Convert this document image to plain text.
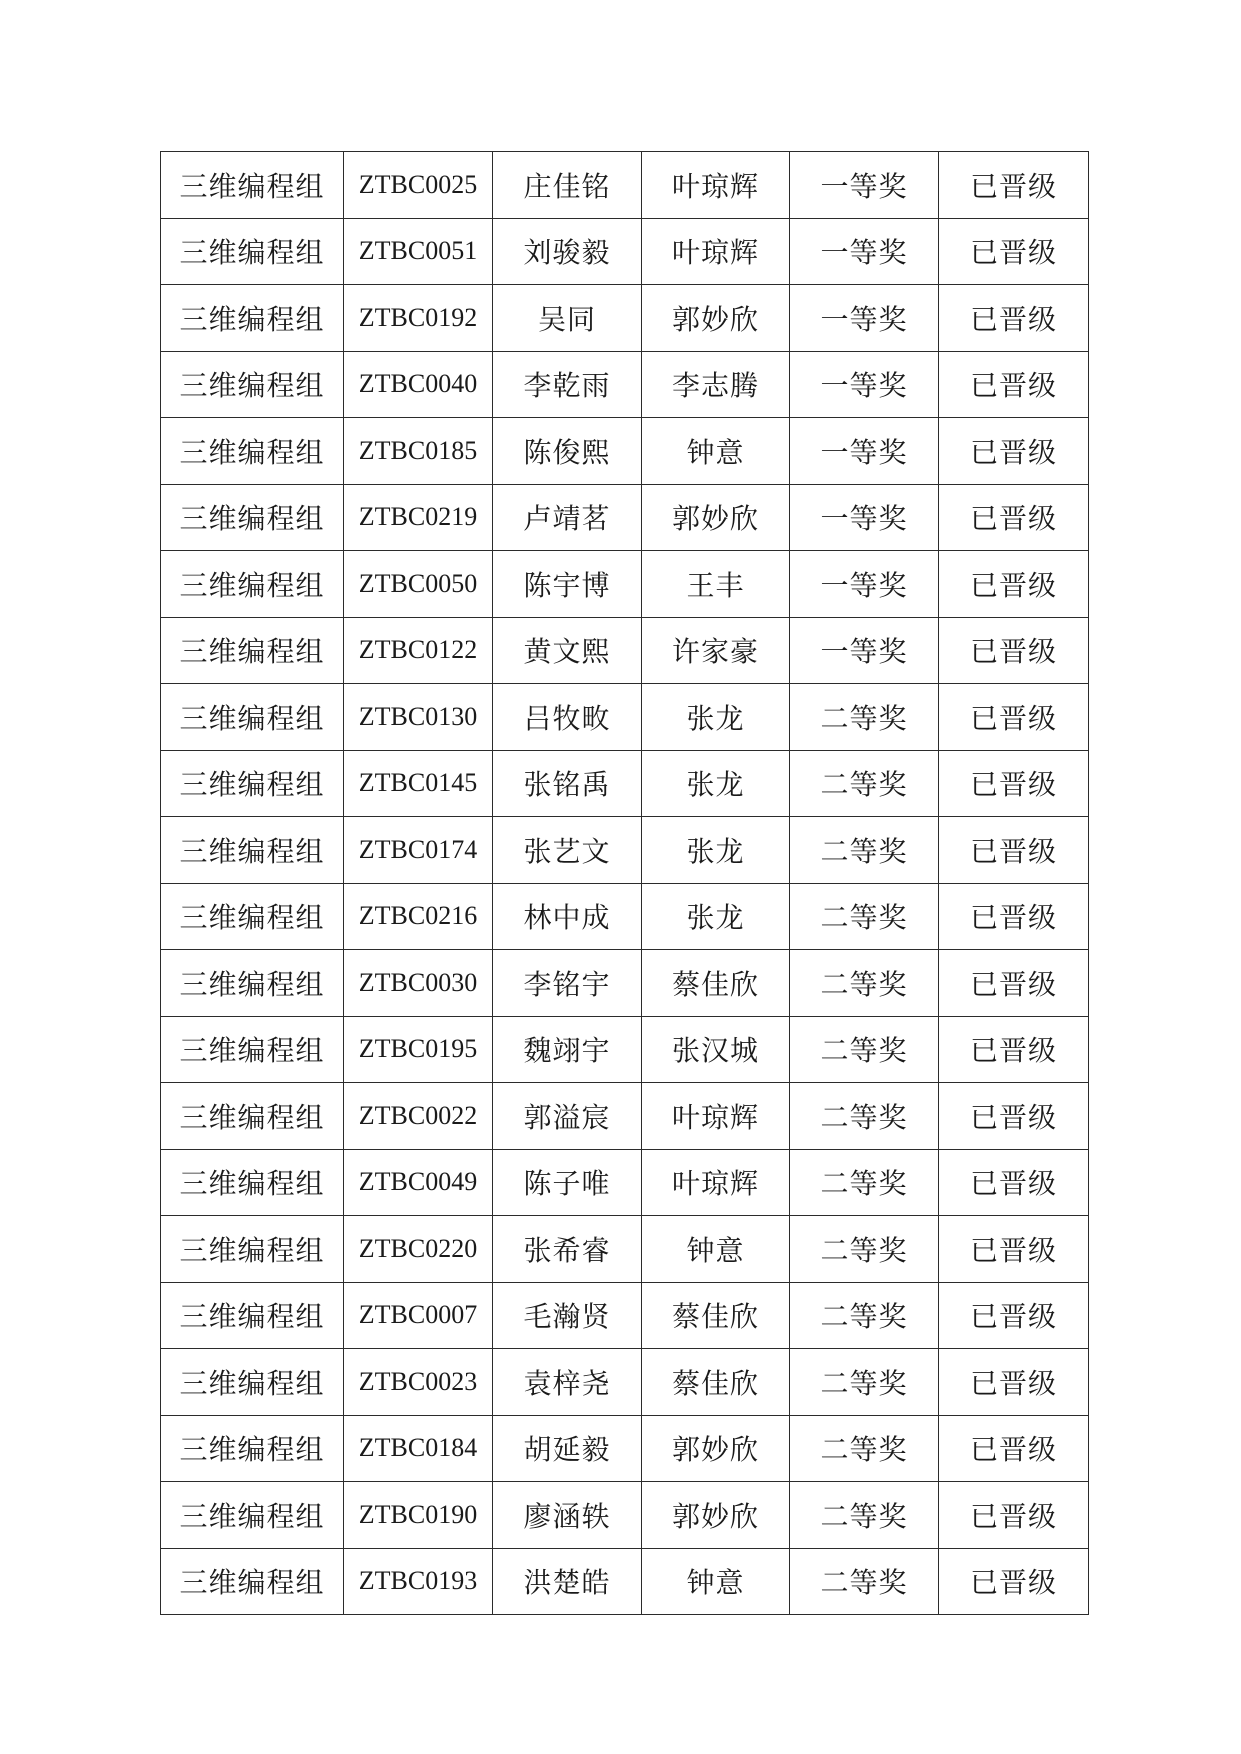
三维编程组	ZTBC0025	庄佳铭	叶琼辉	一等奖	已晋级
三维编程组	ZTBC0051	刘骏毅	叶琼辉	一等奖	已晋级
三维编程组	ZTBC0192	吴同	郭妙欣	一等奖	已晋级
三维编程组	ZTBC0040	李乾雨	李志腾	一等奖	已晋级
三维编程组	ZTBC0185	陈俊熙	钟意	一等奖	已晋级
三维编程组	ZTBC0219	卢靖茗	郭妙欣	一等奖	已晋级
三维编程组	ZTBC0050	陈宇博	王丰	一等奖	已晋级
三维编程组	ZTBC0122	黄文熙	许家豪	一等奖	已晋级
三维编程组	ZTBC0130	吕牧畋	张龙	二等奖	已晋级
三维编程组	ZTBC0145	张铭禹	张龙	二等奖	已晋级
三维编程组	ZTBC0174	张艺文	张龙	二等奖	已晋级
三维编程组	ZTBC0216	林中成	张龙	二等奖	已晋级
三维编程组	ZTBC0030	李铭宇	蔡佳欣	二等奖	已晋级
三维编程组	ZTBC0195	魏翊宇	张汉城	二等奖	已晋级
三维编程组	ZTBC0022	郭溢宸	叶琼辉	二等奖	已晋级
三维编程组	ZTBC0049	陈子唯	叶琼辉	二等奖	已晋级
三维编程组	ZTBC0220	张希睿	钟意	二等奖	已晋级
三维编程组	ZTBC0007	毛瀚贤	蔡佳欣	二等奖	已晋级
三维编程组	ZTBC0023	袁梓尧	蔡佳欣	二等奖	已晋级
三维编程组	ZTBC0184	胡延毅	郭妙欣	二等奖	已晋级
三维编程组	ZTBC0190	廖涵轶	郭妙欣	二等奖	已晋级
三维编程组	ZTBC0193	洪楚皓	钟意	二等奖	已晋级
